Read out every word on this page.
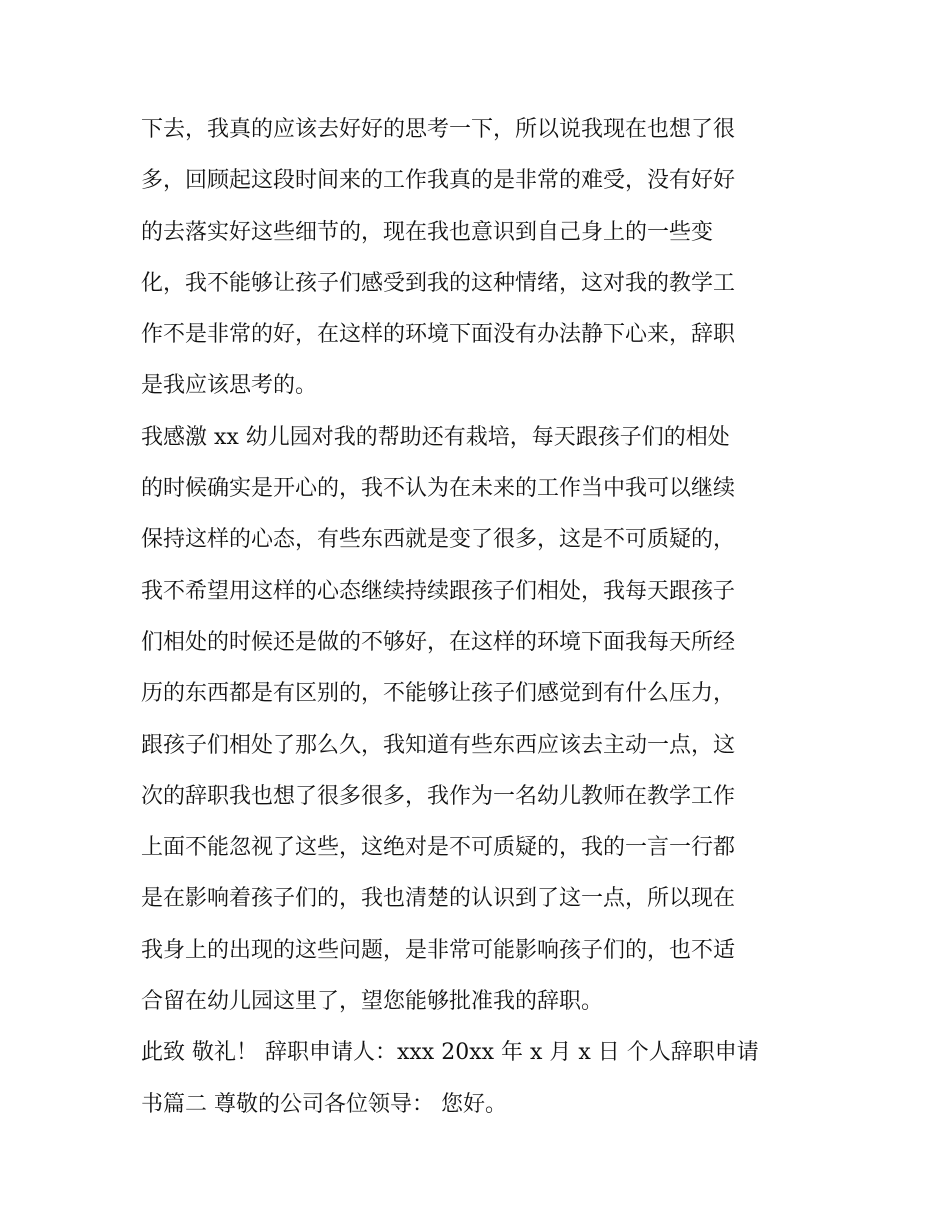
下去，我真的应该去好好的思考一下，所以说我现在也想了很
多，回顾起这段时间来的工作我真的是非常的难受，没有好好
的去落实好这些细节的，现在我也意识到自己身上的一些变
化，我不能够让孩子们感受到我的这种情绪，这对我的教学工
作不是非常的好，在这样的环境下面没有办法静下心来，辞职
是我应该思考的。
我感激 xx 幼儿园对我的帮助还有栽培，每天跟孩子们的相处
的时候确实是开心的，我不认为在未来的工作当中我可以继续
保持这样的心态，有些东西就是变了很多，这是不可质疑的，
我不希望用这样的心态继续持续跟孩子们相处，我每天跟孩子
们相处的时候还是做的不够好，在这样的环境下面我每天所经
历的东西都是有区别的，不能够让孩子们感觉到有什么压力，
跟孩子们相处了那么久，我知道有些东西应该去主动一点，这
次的辞职我也想了很多很多，我作为一名幼儿教师在教学工作
上面不能忽视了这些，这绝对是不可质疑的，我的一言一行都
是在影响着孩子们的，我也清楚的认识到了这一点，所以现在
我身上的出现的这些问题，是非常可能影响孩子们的，也不适
合留在幼儿园这里了，望您能够批准我的辞职。
此致 敬礼！ 辞职申请人：xxx 20xx 年 x 月 x 日 个人辞职申请
书篇二 尊敬的公司各位领导： 您好。
